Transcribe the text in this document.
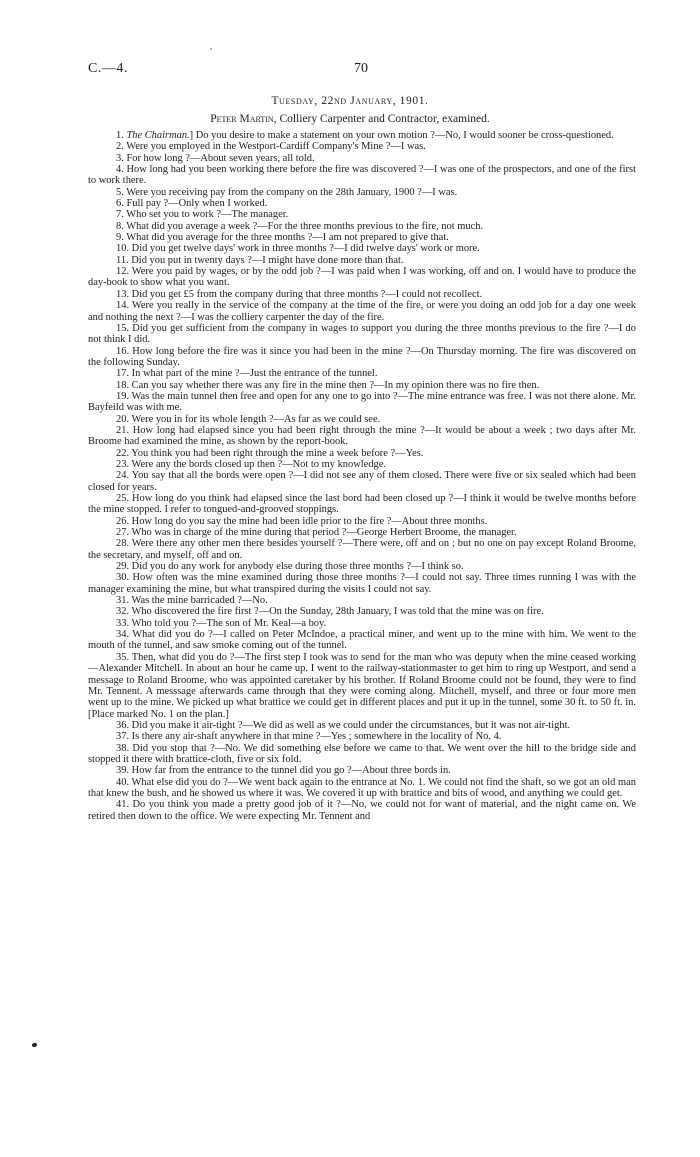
C.—4.	70
Tuesday, 22nd January, 1901.
Peter Martin, Colliery Carpenter and Contractor, examined.

1. The Chairman.] Do you desire to make a statement on your own motion ?—No, I would sooner be cross-questioned.

2. Were you employed in the Westport-Cardiff Company's Mine ?—I was.

3. For how long ?—About seven years, all told.

4. How long had you been working there before the fire was discovered ?—I was one of the prospectors, and one of the first to work there.

5. Were you receiving pay from the company on the 28th January, 1900 ?—I was.

6. Full pay ?—Only when I worked.

7. Who set you to work ?—The manager.

8. What did you average a week ?—For the three months previous to the fire, not much.

9. What did you average for the three months ?—I am not prepared to give that.

10. Did you get twelve days' work in three months ?—I did twelve days' work or more.

11. Did you put in twenty days ?—I might have done more than that.

12. Were you paid by wages, or by the odd job ?—I was paid when I was working, off and on. I would have to produce the day-book to show what you want.

13. Did you get £5 from the company during that three months ?—I could not recollect.

14. Were you really in the service of the company at the time of the fire, or were you doing an odd job for a day one week and nothing the next ?—I was the colliery carpenter the day of the fire.

15. Did you get sufficient from the company in wages to support you during the three months previous to the fire ?—I do not think I did.

16. How long before the fire was it since you had been in the mine ?—On Thursday morning. The fire was discovered on the following Sunday.

17. In what part of the mine ?—Just the entrance of the tunnel.

18. Can you say whether there was any fire in the mine then ?—In my opinion there was no fire then.

19. Was the main tunnel then free and open for any one to go into ?—The mine entrance was free. I was not there alone. Mr. Bayfeild was with me.

20. Were you in for its whole length ?—As far as we could see.

21. How long had elapsed since you had been right through the mine ?—It would be about a week ; two days after Mr. Broome had examined the mine, as shown by the report-book.

22. You think you had been right through the mine a week before ?—Yes.

23. Were any the bords closed up then ?—Not to my knowledge.

24. You say that all the bords were open ?—I did not see any of them closed. There were five or six sealed which had been closed for years.

25. How long do you think had elapsed since the last bord had been closed up ?—I think it would be twelve months before the mine stopped. I refer to tongued-and-grooved stoppings.

26. How long do you say the mine had been idle prior to the fire ?—About three months.

27. Who was in charge of the mine during that period ?—George Herbert Broome, the manager.

28. Were there any other men there besides yourself ?—There were, off and on ; but no one on pay except Roland Broome, the secretary, and myself, off and on.

29. Did you do any work for anybody else during those three months ?—I think so.

30. How often was the mine examined during those three months ?—I could not say. Three times running I was with the manager examining the mine, but what transpired during the visits I could not say.

31. Was the mine barricaded ?—No.

32. Who discovered the fire first ?—On the Sunday, 28th January, I was told that the mine was on fire.

33. Who told you ?—The son of Mr. Keal—a boy.

34. What did you do ?—I called on Peter McIndoe, a practical miner, and went up to the mine with him. We went to the mouth of the tunnel, and saw smoke coming out of the tunnel.

35. Then, what did you do ?—The first step I took was to send for the man who was deputy when the mine ceased working—Alexander Mitchell. In about an hour he came up. I went to the railway-stationmaster to get him to ring up Westport, and send a message to Roland Broome, who was appointed caretaker by his brother. If Roland Broome could not be found, they were to find Mr. Tennent. A messsage afterwards came through that they were coming along. Mitchell, myself, and three or four more men went up to the mine. We picked up what brattice we could get in different places and put it up in the tunnel, some 30 ft. to 50 ft. in. [Place marked No. 1 on the plan.]

36. Did you make it air-tight ?—We did as well as we could under the circumstances, but it was not air-tight.

37. Is there any air-shaft anywhere in that mine ?—Yes ; somewhere in the locality of No. 4.

38. Did you stop that ?—No. We did something else before we came to that. We went over the hill to the bridge side and stopped it there with brattice-cloth, five or six fold.

39. How far from the entrance to the tunnel did you go ?—About three bords in.

40. What else did you do ?—We went back again to the entrance at No. 1. We could not find the shaft, so we got an old man that knew the bush, and he showed us where it was. We covered it up with brattice and bits of wood, and anything we could get.

41. Do you think you made a pretty good job of it ?—No, we could not for want of material, and the night came on. We retired then down to the office. We were expecting Mr. Tennent and
